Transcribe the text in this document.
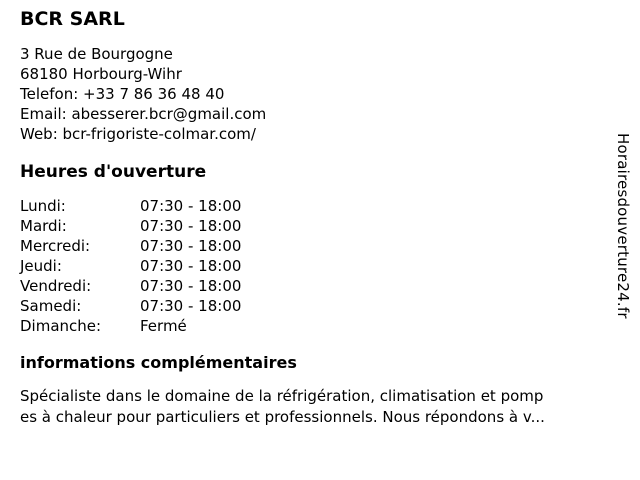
BCR SARL
3 Rue de Bourgogne
68180 Horbourg-Wihr
Telefon: +33 7 86 36 48 40
Email: abesserer.bcr@gmail.com
Web: bcr-frigoriste-colmar.com/
Heures d'ouverture
Lundi:	07:30 - 18:00
Mardi:	07:30 - 18:00
Mercredi:	07:30 - 18:00
Jeudi:	07:30 - 18:00
Vendredi:	07:30 - 18:00
Samedi:	07:30 - 18:00
Dimanche:	Fermé
informations complémentaires
Spécialiste dans le domaine de la réfrigération, climatisation et pomp
es à chaleur pour particuliers et professionnels. Nous répondons à v...
Horairesdouverture24.fr
